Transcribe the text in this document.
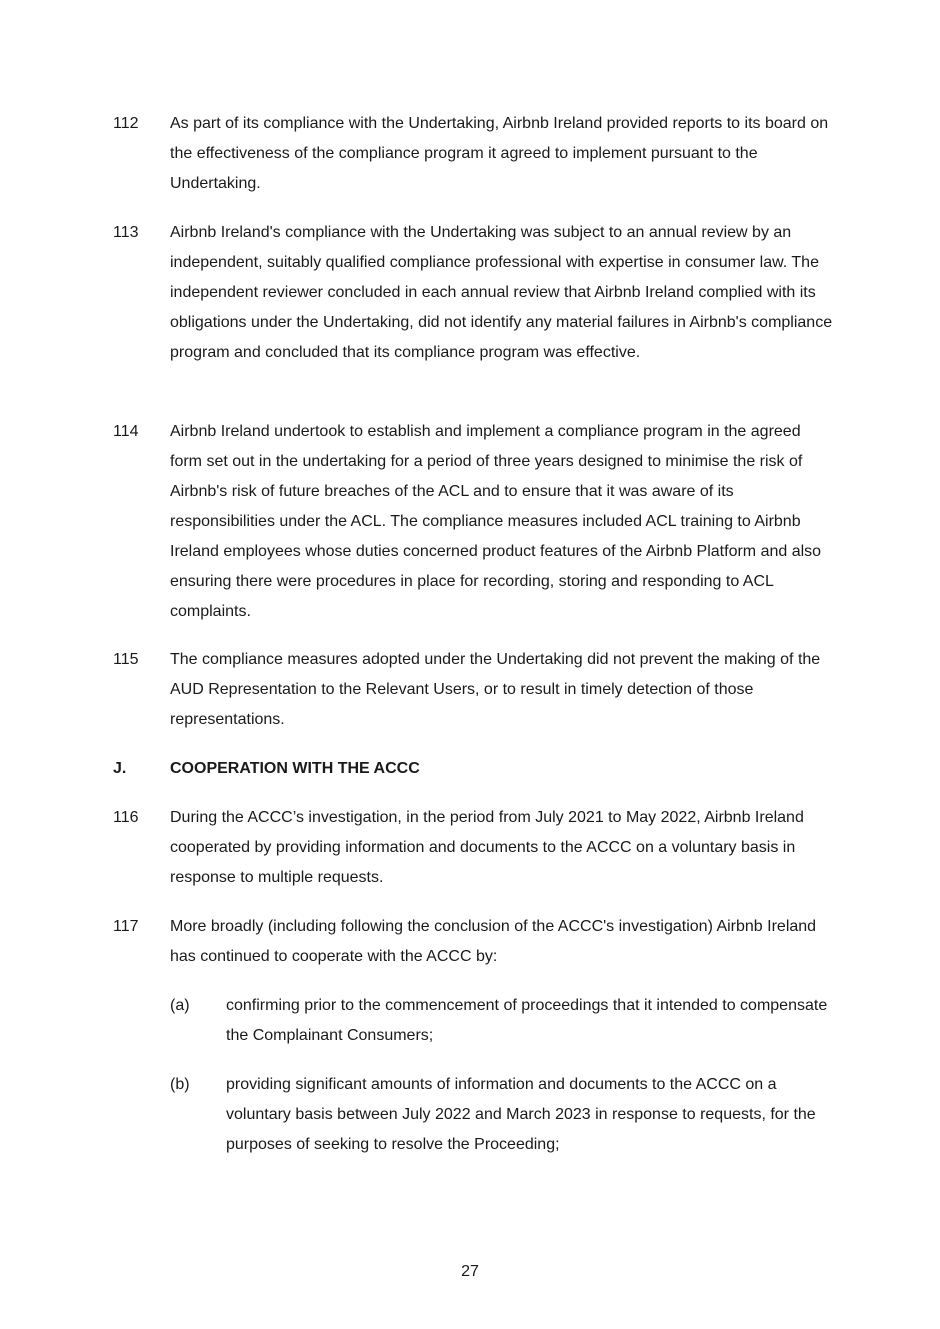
112	As part of its compliance with the Undertaking, Airbnb Ireland provided reports to its board on the effectiveness of the compliance program it agreed to implement pursuant to the Undertaking.
113	Airbnb Ireland's compliance with the Undertaking was subject to an annual review by an independent, suitably qualified compliance professional with expertise in consumer law. The independent reviewer concluded in each annual review that Airbnb Ireland complied with its obligations under the Undertaking, did not identify any material failures in Airbnb's compliance program and concluded that its compliance program was effective.
114	Airbnb Ireland undertook to establish and implement a compliance program in the agreed form set out in the undertaking for a period of three years designed to minimise the risk of Airbnb's risk of future breaches of the ACL and to ensure that it was aware of its responsibilities under the ACL. The compliance measures included ACL training to Airbnb Ireland employees whose duties concerned product features of the Airbnb Platform and also ensuring there were procedures in place for recording, storing and responding to ACL complaints.
115	The compliance measures adopted under the Undertaking did not prevent the making of the AUD Representation to the Relevant Users, or to result in timely detection of those representations.
J.	COOPERATION WITH THE ACCC
116	During the ACCC’s investigation, in the period from July 2021 to May 2022, Airbnb Ireland cooperated by providing information and documents to the ACCC on a voluntary basis in response to multiple requests.
117	More broadly (including following the conclusion of the ACCC's investigation) Airbnb Ireland has continued to cooperate with the ACCC by:
(a)	confirming prior to the commencement of proceedings that it intended to compensate the Complainant Consumers;
(b)	providing significant amounts of information and documents to the ACCC on a voluntary basis between July 2022 and March 2023 in response to requests, for the purposes of seeking to resolve the Proceeding;
27
